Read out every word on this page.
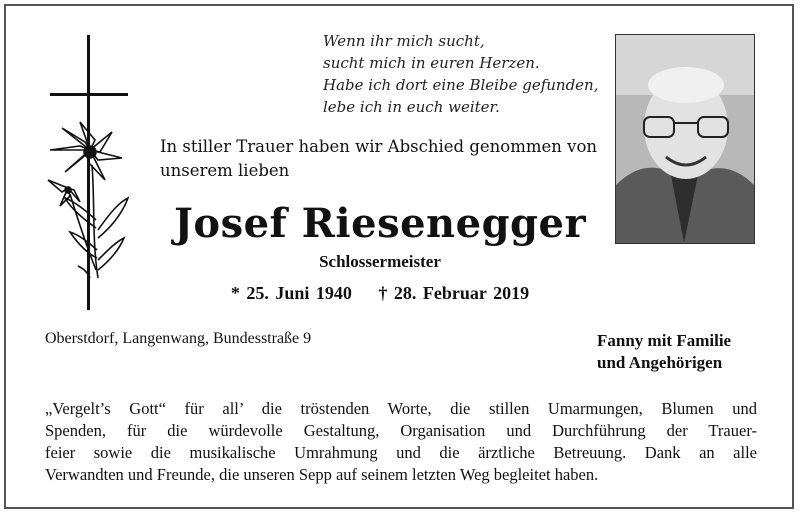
Wenn ihr mich sucht,
sucht mich in euren Herzen.
Habe ich dort eine Bleibe gefunden,
lebe ich in euch weiter.
In stiller Trauer haben wir Abschied genommen von unserem lieben
Josef Riesenegger
Schlossermeister
* 25. Juni 1940 † 28. Februar 2019
Oberstdorf, Langenwang, Bundesstraße 9	Fanny mit Familie
und Angehörigen
„Vergelt’s Gott“ für all’ die tröstenden Worte, die stillen Umarmungen, Blumen und
Spenden, für die würdevolle Gestaltung, Organisation und Durchführung der Trauer-
feier sowie die musikalische Umrahmung und die ärztliche Betreuung. Dank an alle
Verwandten und Freunde, die unseren Sepp auf seinem letzten Weg begleitet haben.
